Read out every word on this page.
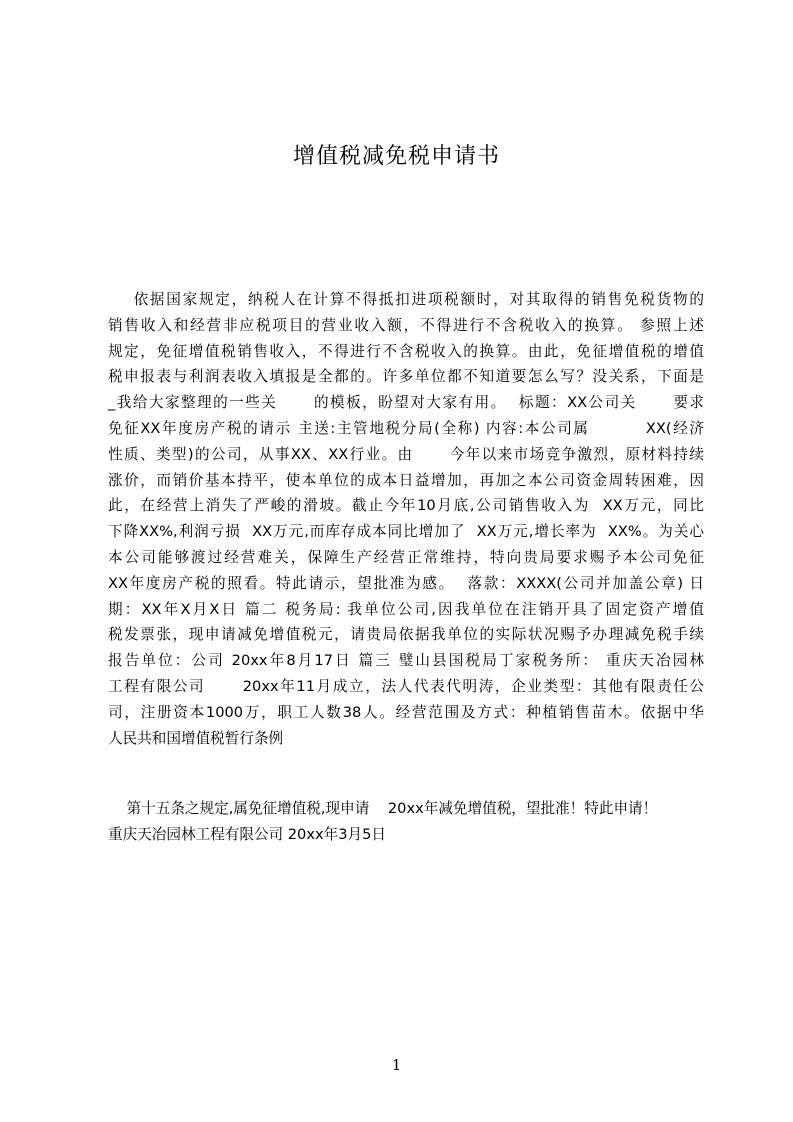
增值税减免税申请书
依据国家规定，纳税人在计算不得抵扣进项税额时，对其取得的销售免税货物的
销售收入和经营非应税项目的营业收入额，不得进行不含税收入的换算。 参照上述
规定，免征增值税销售收入，不得进行不含税收入的换算。由此，免征增值税的增值
税申报表与利润表收入填报是全都的。许多单位都不知道要怎么写？没关系，下面是
_我给大家整理的一些关      的模板，盼望对大家有用。  标题：XX公司关      要求
免征XX年度房产税的请示 主送:主管地税分局(全称) 内容:本公司属         XX(经济
性质、类型)的公司，从事XX、XX行业。由      今年以来市场竞争激烈，原材料持续
涨价，而销价基本持平，使本单位的成本日益增加，再加之本公司资金周转困难，因
此，在经营上消失了严峻的滑坡。截止今年10月底,公司销售收入为  XX万元，同比
下降XX%,利润亏损  XX万元,而库存成本同比增加了  XX万元,增长率为  XX%。为关心
本公司能够渡过经营难关，保障生产经营正常维持，特向贵局要求赐予本公司免征
XX年度房产税的照看。特此请示，望批准为感。  落款：XXXX(公司并加盖公章) 日
期：XX年X月X日 篇二 税务局: 我单位公司,因我单位在注销开具了固定资产增值
税发票张，现申请减免增值税元，请贵局依据我单位的实际状况赐予办理减免税手续
报告单位：公司 20xx年8月17日 篇三 璧山县国税局丁家税务所： 重庆天冶园林
工程有限公司      20xx年11月成立，法人代表代明涛，企业类型：其他有限责任公
司，注册资本1000万，职工人数38人。经营范围及方式：种植销售苗木。依据中华
人民共和国增值税暂行条例
第十五条之规定,属免征增值税,现申请    20xx年减免增值税，望批准！特此申请！
重庆天冶园林工程有限公司 20xx年3月5日
1
